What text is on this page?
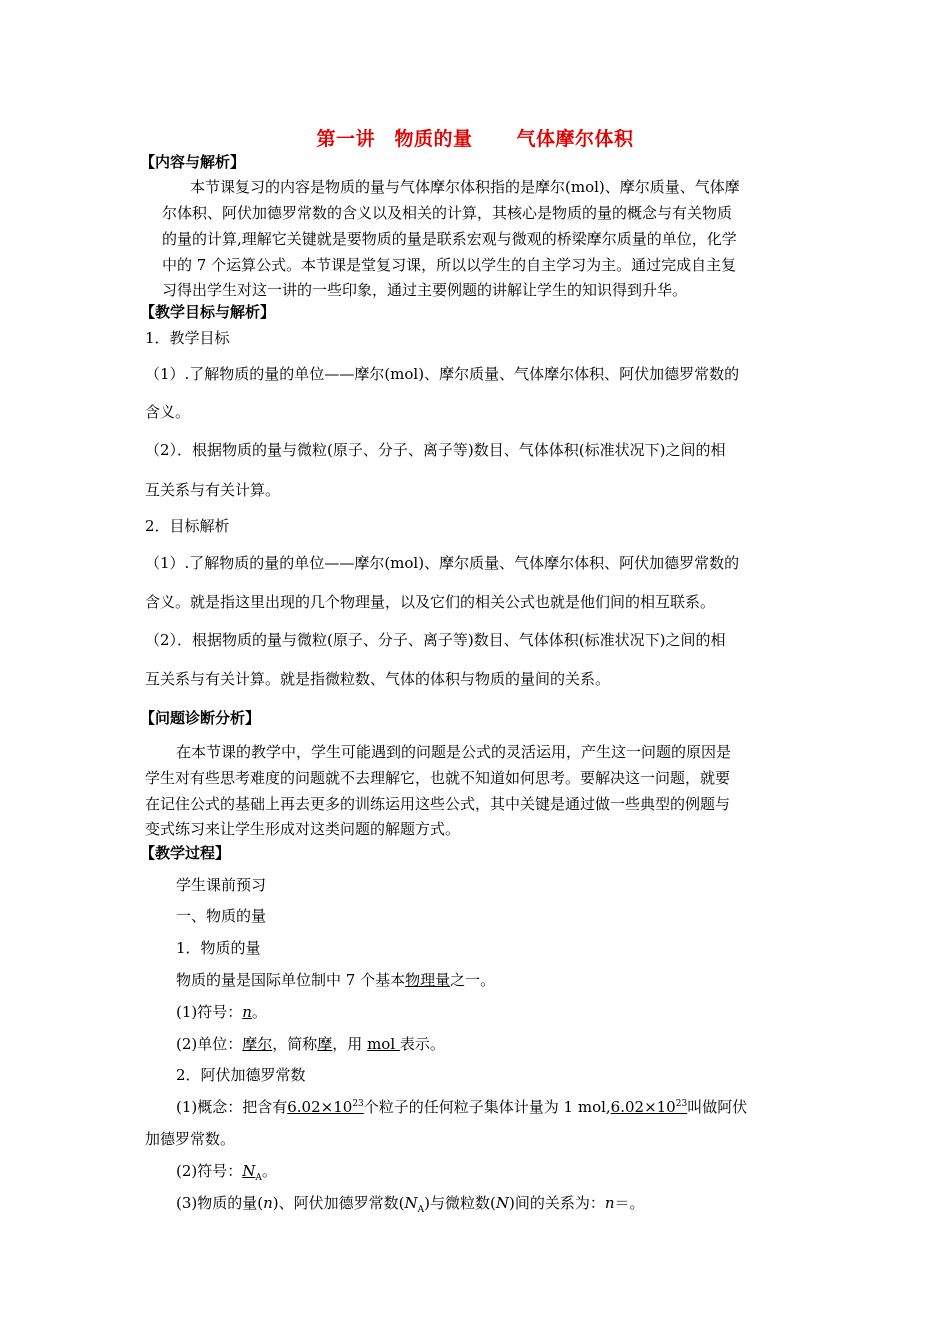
第一讲　物质的量 气体摩尔体积
【内容与解析】
本节课复习的内容是物质的量与气体摩尔体积指的是摩尔(mol)、摩尔质量、气体摩
尔体积、阿伏加德罗常数的含义以及相关的计算，其核心是物质的量的概念与有关物质
的量的计算,理解它关键就是要物质的量是联系宏观与微观的桥梁摩尔质量的单位，化学
中的 7 个运算公式。本节课是堂复习课，所以以学生的自主学习为主。通过完成自主复
习得出学生对这一讲的一些印象，通过主要例题的讲解让学生的知识得到升华。
【教学目标与解析】
1．教学目标
（1）.了解物质的量的单位——摩尔(mol)、摩尔质量、气体摩尔体积、阿伏加德罗常数的
含义。
（2）．根据物质的量与微粒(原子、分子、离子等)数目、气体体积(标准状况下)之间的相
互关系与有关计算。
2．目标解析
（1）.了解物质的量的单位——摩尔(mol)、摩尔质量、气体摩尔体积、阿伏加德罗常数的
含义。就是指这里出现的几个物理量，以及它们的相关公式也就是他们间的相互联系。
（2）．根据物质的量与微粒(原子、分子、离子等)数目、气体体积(标准状况下)之间的相
互关系与有关计算。就是指微粒数、气体的体积与物质的量间的关系。
【问题诊断分析】
在本节课的教学中，学生可能遇到的问题是公式的灵活运用，产生这一问题的原因是
学生对有些思考难度的问题就不去理解它，也就不知道如何思考。要解决这一问题，就要
在记住公式的基础上再去更多的训练运用这些公式，其中关键是通过做一些典型的例题与
变式练习来让学生形成对这类问题的解题方式。
【教学过程】
学生课前预习
一、物质的量
1．物质的量
物质的量是国际单位制中 7 个基本物理量之一。
(1)符号：n。
(2)单位：摩尔，简称摩，用 mol 表示。
2．阿伏加德罗常数
(1)概念：把含有$6.02\times 10^{23}$个粒子的任何粒子集体计量为 1 $mol,6.02\times 10^{23}$叫做阿伏
加德罗常数。
(2)符号：$N_A$。
(3)物质的量(n)、阿伏加德罗常数$(N_A)$与微粒数(N)间的关系为：n＝。
